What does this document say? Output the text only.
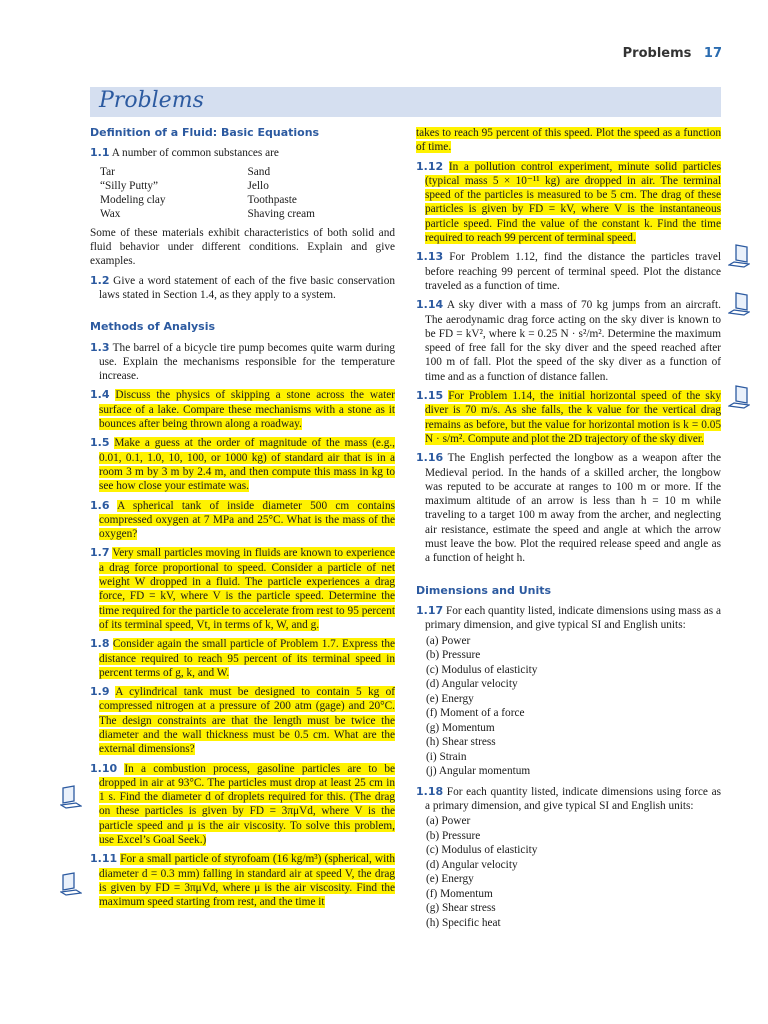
Problems 17
Problems
Definition of a Fluid: Basic Equations
1.1 A number of common substances are
Tar	Sand
“Silly Putty”	Jello
Modeling clay	Toothpaste
Wax	Shaving cream
Some of these materials exhibit characteristics of both solid and fluid behavior under different conditions. Explain and give examples.
1.2 Give a word statement of each of the five basic conservation laws stated in Section 1.4, as they apply to a system.
Methods of Analysis
1.3 The barrel of a bicycle tire pump becomes quite warm during use. Explain the mechanisms responsible for the temperature increase.
1.4 Discuss the physics of skipping a stone across the water surface of a lake. Compare these mechanisms with a stone as it bounces after being thrown along a roadway.
1.5 Make a guess at the order of magnitude of the mass (e.g., 0.01, 0.1, 1.0, 10, 100, or 1000 kg) of standard air that is in a room 3 m by 3 m by 2.4 m, and then compute this mass in kg to see how close your estimate was.
1.6 A spherical tank of inside diameter 500 cm contains compressed oxygen at 7 MPa and 25°C. What is the mass of the oxygen?
1.7 Very small particles moving in fluids are known to experience a drag force proportional to speed. Consider a particle of net weight W dropped in a fluid. The particle experiences a drag force, FD = kV, where V is the particle speed. Determine the time required for the particle to accelerate from rest to 95 percent of its terminal speed, Vt, in terms of k, W, and g.
1.8 Consider again the small particle of Problem 1.7. Express the distance required to reach 95 percent of its terminal speed in percent terms of g, k, and W.
1.9 A cylindrical tank must be designed to contain 5 kg of compressed nitrogen at a pressure of 200 atm (gage) and 20°C. The design constraints are that the length must be twice the diameter and the wall thickness must be 0.5 cm. What are the external dimensions?
1.10 In a combustion process, gasoline particles are to be dropped in air at 93°C. The particles must drop at least 25 cm in 1 s. Find the diameter d of droplets required for this. (The drag on these particles is given by FD = 3πμVd, where V is the particle speed and μ is the air viscosity. To solve this problem, use Excel’s Goal Seek.)
1.11 For a small particle of styrofoam (16 kg/m³) (spherical, with diameter d = 0.3 mm) falling in standard air at speed V, the drag is given by FD = 3πμVd, where μ is the air viscosity. Find the maximum speed starting from rest, and the time it
takes to reach 95 percent of this speed. Plot the speed as a function of time.
1.12 In a pollution control experiment, minute solid particles (typical mass 5 × 10⁻¹¹ kg) are dropped in air. The terminal speed of the particles is measured to be 5 cm. The drag of these particles is given by FD = kV, where V is the instantaneous particle speed. Find the value of the constant k. Find the time required to reach 99 percent of terminal speed.
1.13 For Problem 1.12, find the distance the particles travel before reaching 99 percent of terminal speed. Plot the distance traveled as a function of time.
1.14 A sky diver with a mass of 70 kg jumps from an aircraft. The aerodynamic drag force acting on the sky diver is known to be FD = kV², where k = 0.25 N · s²/m². Determine the maximum speed of free fall for the sky diver and the speed reached after 100 m of fall. Plot the speed of the sky diver as a function of time and as a function of distance fallen.
1.15 For Problem 1.14, the initial horizontal speed of the sky diver is 70 m/s. As she falls, the k value for the vertical drag remains as before, but the value for horizontal motion is k = 0.05 N · s/m². Compute and plot the 2D trajectory of the sky diver.
1.16 The English perfected the longbow as a weapon after the Medieval period. In the hands of a skilled archer, the longbow was reputed to be accurate at ranges to 100 m or more. If the maximum altitude of an arrow is less than h = 10 m while traveling to a target 100 m away from the archer, and neglecting air resistance, estimate the speed and angle at which the arrow must leave the bow. Plot the required release speed and angle as a function of height h.
Dimensions and Units
1.17 For each quantity listed, indicate dimensions using mass as a primary dimension, and give typical SI and English units:
(a) Power
(b) Pressure
(c) Modulus of elasticity
(d) Angular velocity
(e) Energy
(f) Moment of a force
(g) Momentum
(h) Shear stress
(i) Strain
(j) Angular momentum
1.18 For each quantity listed, indicate dimensions using force as a primary dimension, and give typical SI and English units:
(a) Power
(b) Pressure
(c) Modulus of elasticity
(d) Angular velocity
(e) Energy
(f) Momentum
(g) Shear stress
(h) Specific heat
